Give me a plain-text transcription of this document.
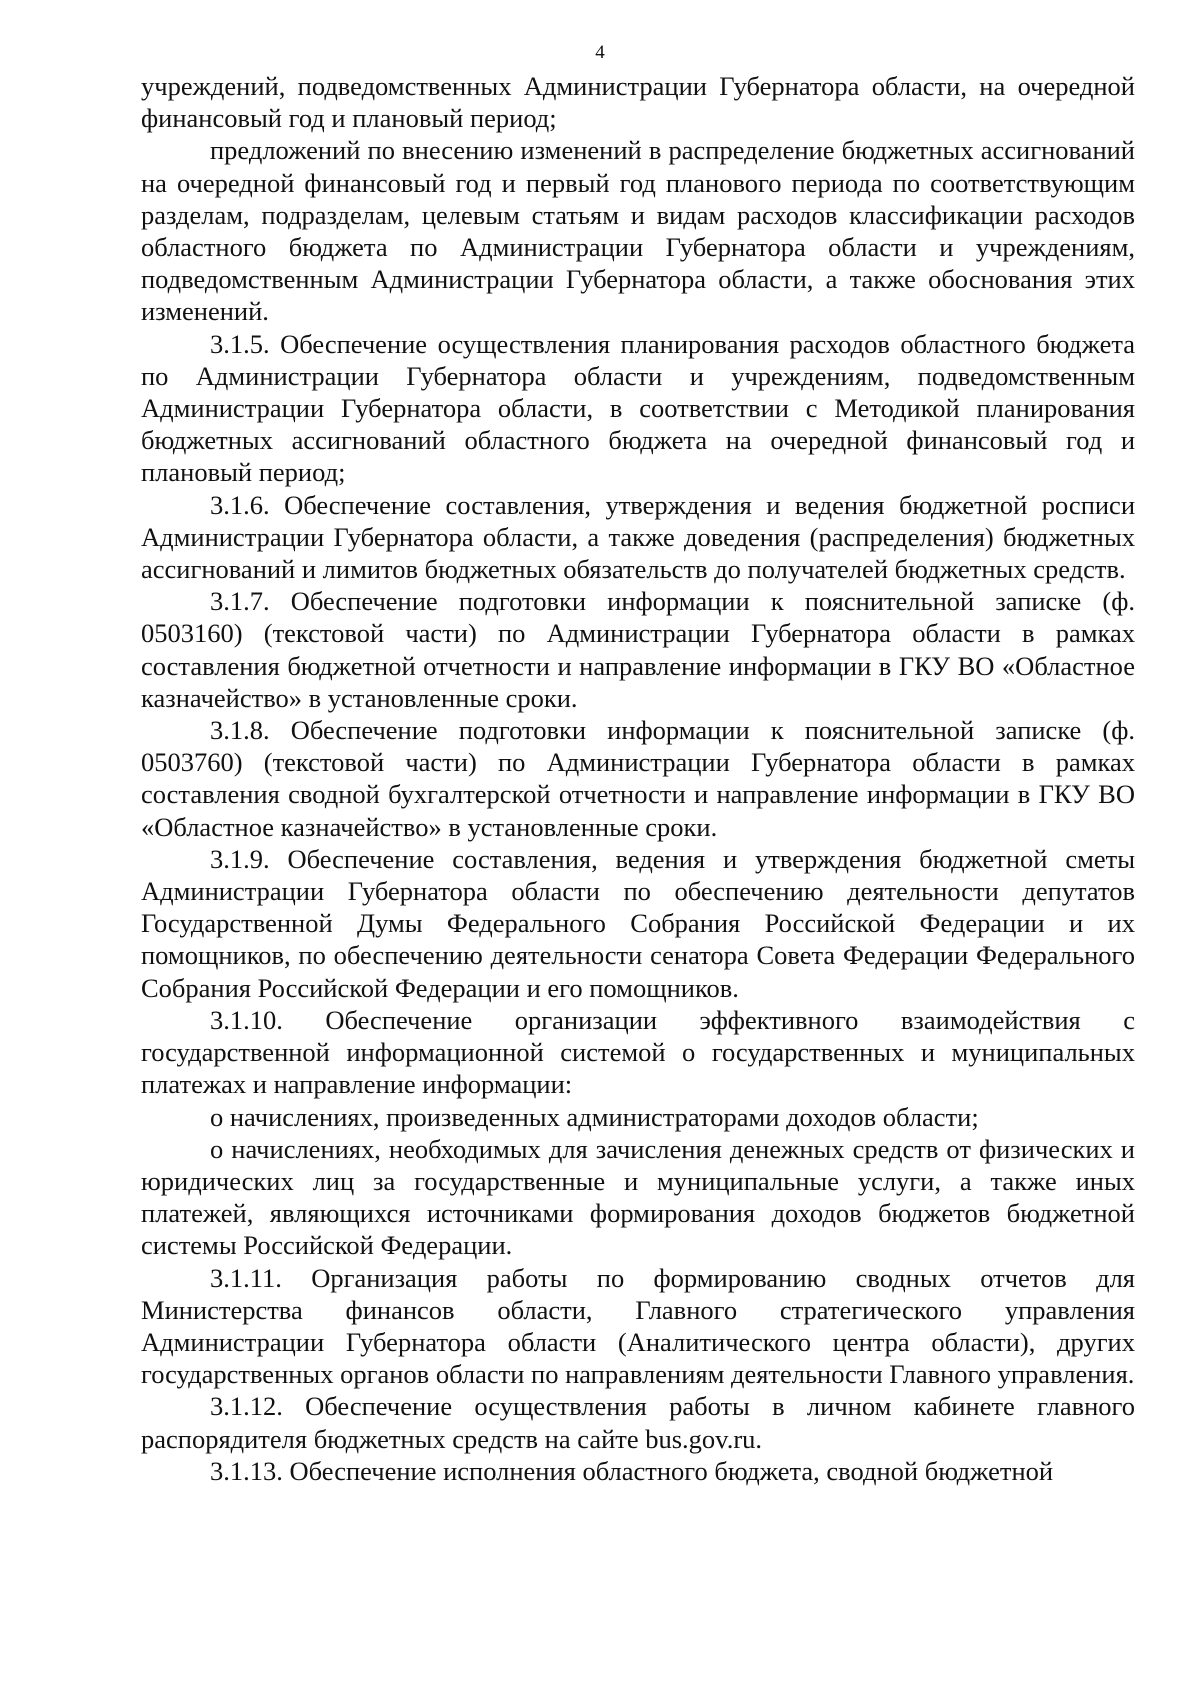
4

учреждений, подведомственных Администрации Губернатора области, на очередной финансовый год и плановый период;

предложений по внесению изменений в распределение бюджетных ассигнований на очередной финансовый год и первый год планового периода по соответствующим разделам, подразделам, целевым статьям и видам расходов классификации расходов областного бюджета по Администрации Губернатора области и учреждениям, подведомственным Администрации Губернатора области, а также обоснования этих изменений.

3.1.5. Обеспечение осуществления планирования расходов областного бюджета по Администрации Губернатора области и учреждениям, подведомственным Администрации Губернатора области, в соответствии с Методикой планирования бюджетных ассигнований областного бюджета на очередной финансовый год и плановый период;

3.1.6. Обеспечение составления, утверждения и ведения бюджетной росписи Администрации Губернатора области, а также доведения (распределения) бюджетных ассигнований и лимитов бюджетных обязательств до получателей бюджетных средств.

3.1.7. Обеспечение подготовки информации к пояснительной записке (ф. 0503160) (текстовой части) по Администрации Губернатора области в рамках составления бюджетной отчетности и направление информации в ГКУ ВО «Областное казначейство» в установленные сроки.

3.1.8. Обеспечение подготовки информации к пояснительной записке (ф. 0503760) (текстовой части) по Администрации Губернатора области в рамках составления сводной бухгалтерской отчетности и направление информации в ГКУ ВО «Областное казначейство» в установленные сроки.

3.1.9. Обеспечение составления, ведения и утверждения бюджетной сметы Администрации Губернатора области по обеспечению деятельности депутатов Государственной Думы Федерального Собрания Российской Федерации и их помощников, по обеспечению деятельности сенатора Совета Федерации Федерального Собрания Российской Федерации и его помощников.

3.1.10. Обеспечение организации эффективного взаимодействия с государственной информационной системой о государственных и муниципальных платежах и направление информации:

о начислениях, произведенных администраторами доходов области;

о начислениях, необходимых для зачисления денежных средств от физических и юридических лиц за государственные и муниципальные услуги, а также иных платежей, являющихся источниками формирования доходов бюджетов бюджетной системы Российской Федерации.

3.1.11. Организация работы по формированию сводных отчетов для Министерства финансов области, Главного стратегического управления Администрации Губернатора области (Аналитического центра области), других государственных органов области по направлениям деятельности Главного управления.

3.1.12. Обеспечение осуществления работы в личном кабинете главного распорядителя бюджетных средств на сайте bus.gov.ru.

3.1.13. Обеспечение исполнения областного бюджета, сводной бюджетной
